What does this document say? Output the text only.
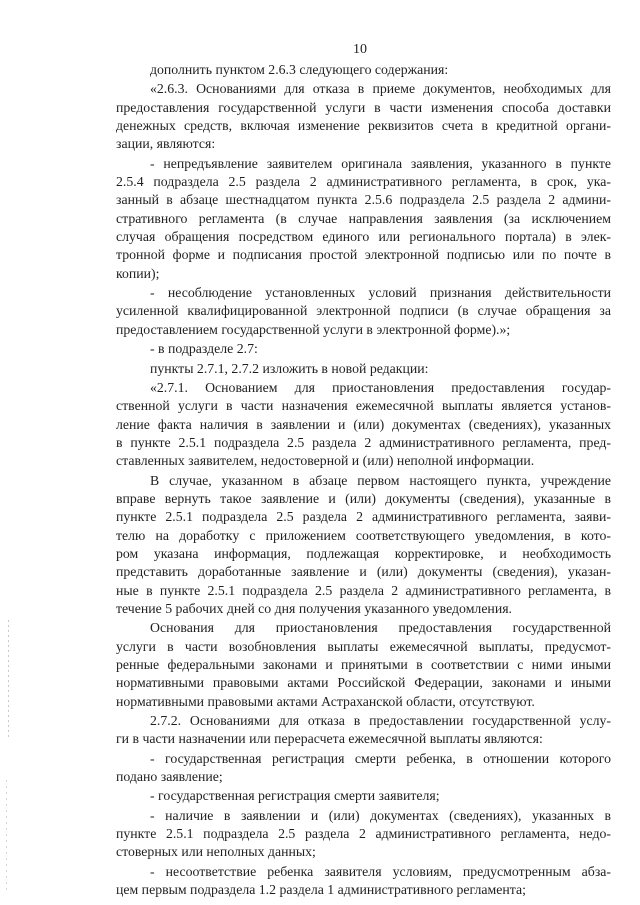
10
дополнить пунктом 2.6.3 следующего содержания:
«2.6.3. Основаниями для отказа в приеме документов, необходимых для
предоставления государственной услуги в части изменения способа доставки
денежных средств, включая изменение реквизитов счета в кредитной органи-
зации, являются:
- непредъявление заявителем оригинала заявления, указанного в пункте
2.5.4 подраздела 2.5 раздела 2 административного регламента, в срок, ука-
занный в абзаце шестнадцатом пункта 2.5.6 подраздела 2.5 раздела 2 админи-
стративного регламента (в случае направления заявления (за исключением
случая обращения посредством единого или регионального портала) в элек-
тронной форме и подписания простой электронной подписью или по почте в
копии);
- несоблюдение установленных условий признания действительности
усиленной квалифицированной электронной подписи (в случае обращения за
предоставлением государственной услуги в электронной форме).»;
- в подразделе 2.7:
пункты 2.7.1, 2.7.2 изложить в новой редакции:
«2.7.1. Основанием для приостановления предоставления государ-
ственной услуги в части назначения ежемесячной выплаты является установ-
ление факта наличия в заявлении и (или) документах (сведениях), указанных
в пункте 2.5.1 подраздела 2.5 раздела 2 административного регламента, пред-
ставленных заявителем, недостоверной и (или) неполной информации.
В случае, указанном в абзаце первом настоящего пункта, учреждение
вправе вернуть такое заявление и (или) документы (сведения), указанные в
пункте 2.5.1 подраздела 2.5 раздела 2 административного регламента, заяви-
телю на доработку с приложением соответствующего уведомления, в кото-
ром указана информация, подлежащая корректировке, и необходимость
представить доработанные заявление и (или) документы (сведения), указан-
ные в пункте 2.5.1 подраздела 2.5 раздела 2 административного регламента, в
течение 5 рабочих дней со дня получения указанного уведомления.
Основания для приостановления предоставления государственной
услуги в части возобновления выплаты ежемесячной выплаты, предусмот-
ренные федеральными законами и принятыми в соответствии с ними иными
нормативными правовыми актами Российской Федерации, законами и иными
нормативными правовыми актами Астраханской области, отсутствуют.
2.7.2. Основаниями для отказа в предоставлении государственной услу-
ги в части назначении или перерасчета ежемесячной выплаты являются:
- государственная регистрация смерти ребенка, в отношении которого
подано заявление;
- государственная регистрация смерти заявителя;
- наличие в заявлении и (или) документах (сведениях), указанных в
пункте 2.5.1 подраздела 2.5 раздела 2 административного регламента, недо-
стоверных или неполных данных;
- несоответствие ребенка заявителя условиям, предусмотренным абза-
цем первым подраздела 1.2 раздела 1 административного регламента;
